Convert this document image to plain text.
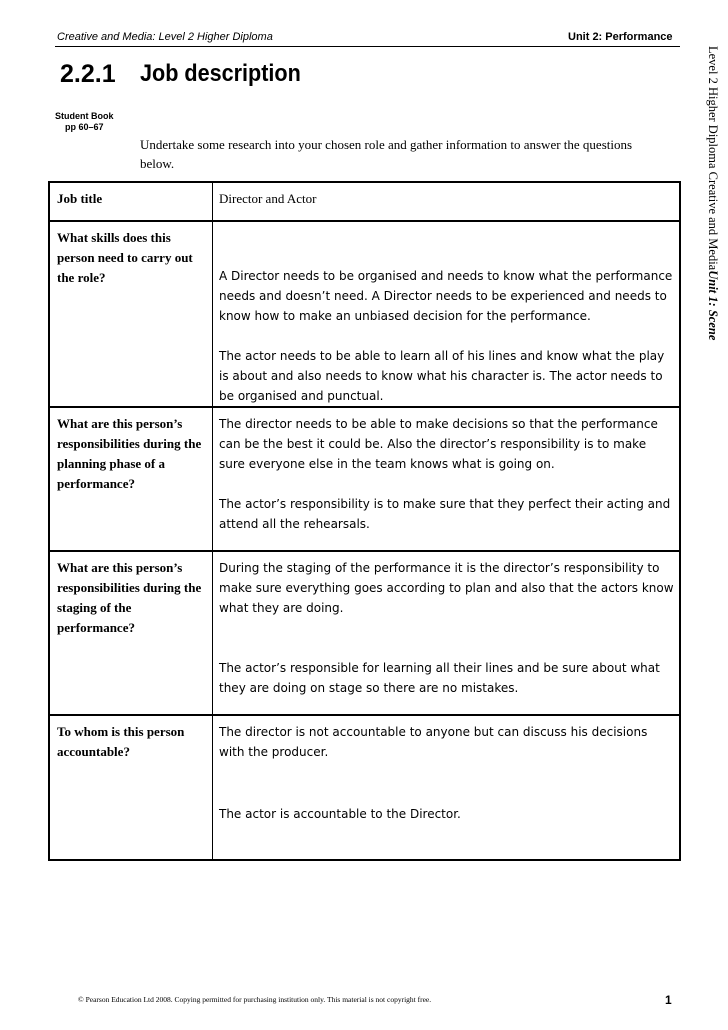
Creative and Media: Level 2 Higher Diploma	Unit 2: Performance
Level 2 Higher Diploma Creative and MediaUnit 1: Scene
2.2.1 Job description
Student Book
pp 60–67
Undertake some research into your chosen role and gather information to answer the questions below.
Job title	Director and Actor
What skills does this person need to carry out the role?	A Director needs to be organised and needs to know what the performance needs and doesn’t need. A Director needs to be experienced and needs to know how to make an unbiased decision for the performance.

The actor needs to be able to learn all of his lines and know what the play is about and also needs to know what his character is. The actor needs to be organised and punctual.

What are this person’s responsibilities during the planning phase of a performance?	The director needs to be able to make decisions so that the performance can be the best it could be. Also the director’s responsibility is to make sure everyone else in the team knows what is going on.

The actor’s responsibility is to make sure that they perfect their acting and attend all the rehearsals.

What are this person’s responsibilities during the staging of the performance?	During the staging of the performance it is the director’s responsibility to make sure everything goes according to plan and also that the actors know what they are doing.

The actor’s responsible for learning all their lines and be sure about what they are doing on stage so there are no mistakes.

To whom is this person accountable?	The director is not accountable to anyone but can discuss his decisions with the producer.

The actor is accountable to the Director.

© Pearson Education Ltd 2008. Copying permitted for purchasing institution only. This material is not copyright free.	1
